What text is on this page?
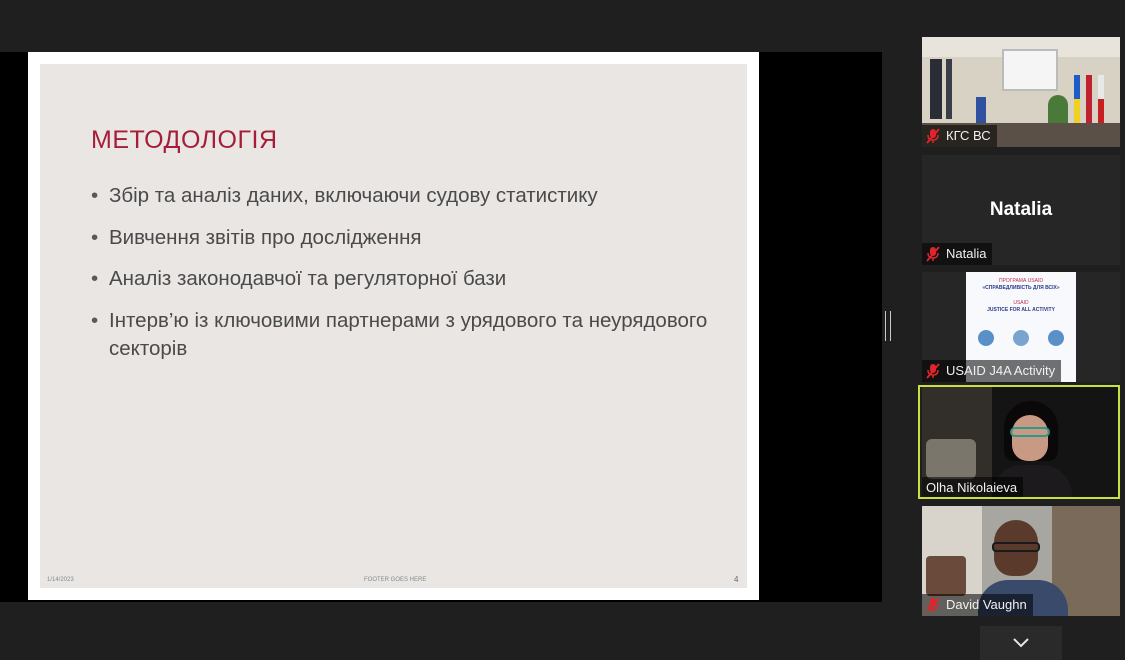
МЕТОДОЛОГІЯ
• Збір та аналіз даних, включаючи судову статистику
• Вивчення звітів про дослідження
• Аналіз законодавчої та регуляторної бази
• Інтерв’ю із ключовими партнерами з урядового та неурядового секторів
1/14/2023	FOOTER GOES HERE	4
КГС ВС
Natalia
Natalia
ПРОГРАМА USAID
«СПРАВЕДЛИВІСТЬ ДЛЯ ВСІХ»
USAID
JUSTICE FOR ALL ACTIVITY
USAID J4A Activity
Olha Nikolaieva
David Vaughn
